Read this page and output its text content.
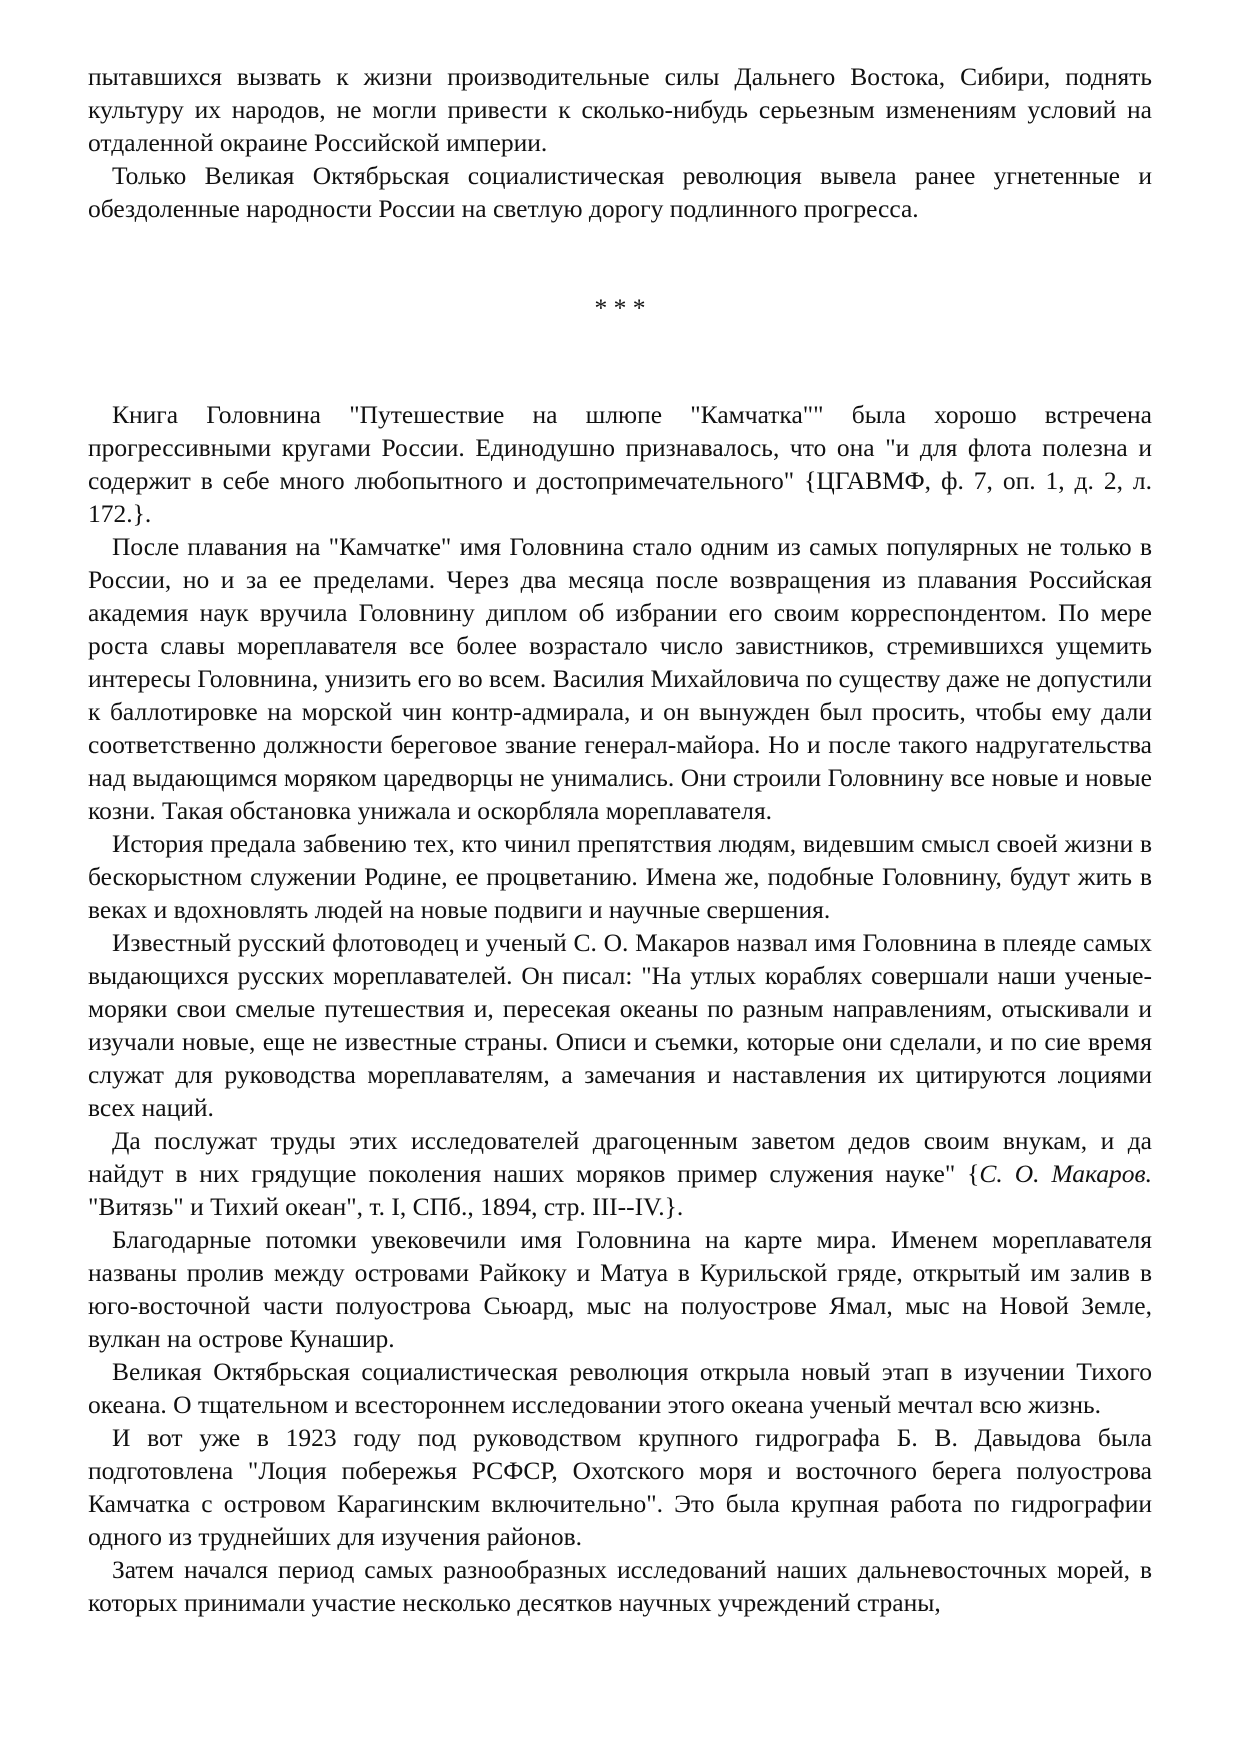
пытавшихся вызвать к жизни производительные силы Дальнего Востока, Сибири, поднять культуру их народов, не могли привести к сколько-нибудь серьезным изменениям условий на отдаленной окраине Российской империи.

Только Великая Октябрьская социалистическая революция вывела ранее угнетенные и обездоленные народности России на светлую дорогу подлинного прогресса.

* * *

Книга Головнина "Путешествие на шлюпе "Камчатка"" была хорошо встречена прогрессивными кругами России. Единодушно признавалось, что она "и для флота полезна и содержит в себе много любопытного и достопримечательного" {ЦГАВМФ, ф. 7, оп. 1, д. 2, л. 172.}.

После плавания на "Камчатке" имя Головнина стало одним из самых популярных не только в России, но и за ее пределами. Через два месяца после возвращения из плавания Российская академия наук вручила Головнину диплом об избрании его своим корреспондентом. По мере роста славы мореплавателя все более возрастало число завистников, стремившихся ущемить интересы Головнина, унизить его во всем. Василия Михайловича по существу даже не допустили к баллотировке на морской чин контр-адмирала, и он вынужден был просить, чтобы ему дали соответственно должности береговое звание генерал-майора. Но и после такого надругательства над выдающимся моряком царедворцы не унимались. Они строили Головнину все новые и новые козни. Такая обстановка унижала и оскорбляла мореплавателя.

История предала забвению тех, кто чинил препятствия людям, видевшим смысл своей жизни в бескорыстном служении Родине, ее процветанию. Имена же, подобные Головнину, будут жить в веках и вдохновлять людей на новые подвиги и научные свершения.

Известный русский флотоводец и ученый С. О. Макаров назвал имя Головнина в плеяде самых выдающихся русских мореплавателей. Он писал: "На утлых кораблях совершали наши ученые-моряки свои смелые путешествия и, пересекая океаны по разным направлениям, отыскивали и изучали новые, еще не известные страны. Описи и съемки, которые они сделали, и по сие время служат для руководства мореплавателям, а замечания и наставления их цитируются лоциями всех наций.

Да послужат труды этих исследователей драгоценным заветом дедов своим внукам, и да найдут в них грядущие поколения наших моряков пример служения науке" {С. О. Макаров. "Витязь" и Тихий океан", т. I, СПб., 1894, стр. III--IV.}.

Благодарные потомки увековечили имя Головнина на карте мира. Именем мореплавателя названы пролив между островами Райкоку и Матуа в Курильской гряде, открытый им залив в юго-восточной части полуострова Сьюард, мыс на полуострове Ямал, мыс на Новой Земле, вулкан на острове Кунашир.

Великая Октябрьская социалистическая революция открыла новый этап в изучении Тихого океана. О тщательном и всестороннем исследовании этого океана ученый мечтал всю жизнь.

И вот уже в 1923 году под руководством крупного гидрографа Б. В. Давыдова была подготовлена "Лоция побережья РСФСР, Охотского моря и восточного берега полуострова Камчатка с островом Карагинским включительно". Это была крупная работа по гидрографии одного из труднейших для изучения районов.

Затем начался период самых разнообразных исследований наших дальневосточных морей, в которых принимали участие несколько десятков научных учреждений страны,
